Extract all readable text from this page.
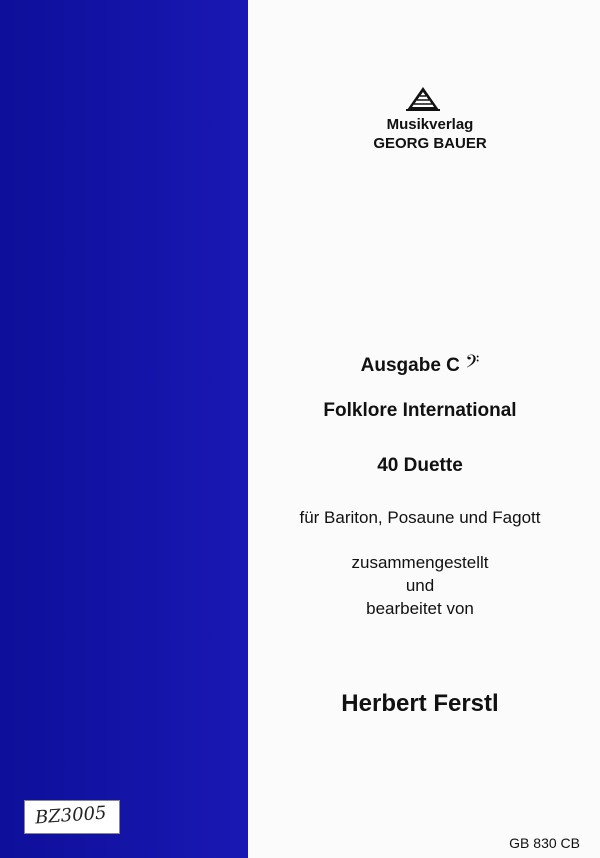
Musikverlag
GEORG BAUER
Ausgabe C 𝄢
Folklore International
40 Duette
für Bariton, Posaune und Fagott
zusammengestellt
und
bearbeitet von
Herbert Ferstl
GB 830 CB
BZ3005
